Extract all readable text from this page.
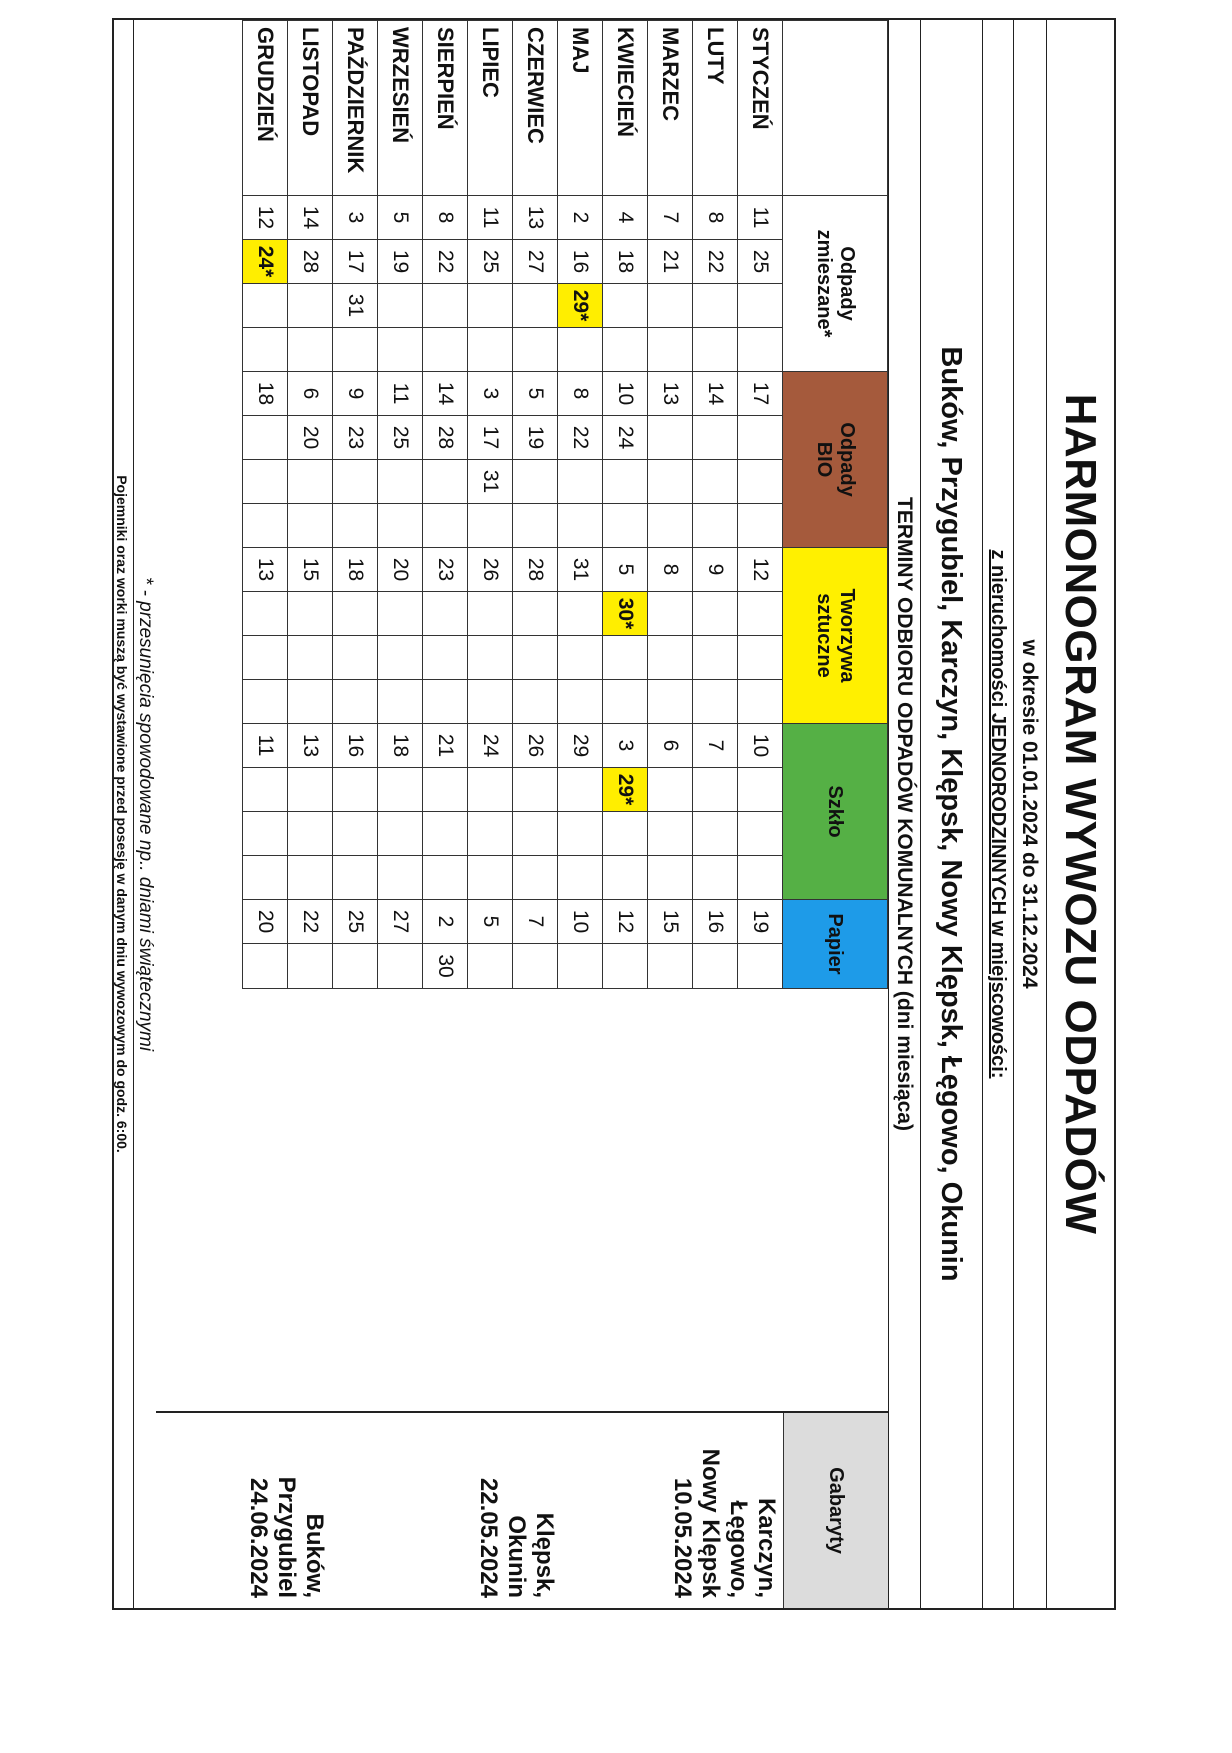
HARMONOGRAM WYWOZU ODPADÓW
w okresie 01.01.2024 do 31.12.2024
z nieruchomości JEDNORODZINNYCH w miejscowości:
Buków, Przygubiel, Karczyn, Klępsk, Nowy Klępsk, Łęgowo, Okunin
TERMINY ODBIORU ODPADÓW KOMUNALNYCH (dni miesiąca)
	Odpady
zmieszane*				Odpady
BIO				Tworzywa
sztuczne				Szkło				Papier	
STYCZEŃ	11	25			17				12				10				19	
LUTY	8	22			14				9				7				16	
MARZEC	7	21			13				8				6				15	
KWIECIEŃ	4	18			10	24			5	30*			3	29*			12	
MAJ	2	16	29*		8	22			31				29				10	
CZERWIEC	13	27			5	19			28				26				7	
LIPIEC	11	25			3	17	31		26				24				5	
SIERPIEŃ	8	22			14	28			23				21				2	30
WRZESIEŃ	5	19			11	25			20				18				27	
PAŹDZIERNIK	3	17	31		9	23			18				16				25	
LISTOPAD	14	28			6	20			15				13				22	
GRUDZIEŃ	12	24*			18				13				11				20	
Gabaryty
Karczyn,
Łęgowo,
Nowy Klępsk
10.05.2024
Klępsk,
Okunin
22.05.2024
Buków,
Przygubiel
24.06.2024
* - przesunięcia spowodowane np.. dniami świątecznymi
Pojemniki oraz worki muszą być wystawione przed posesję w danym dniu wywozowym do godz. 6:00.
